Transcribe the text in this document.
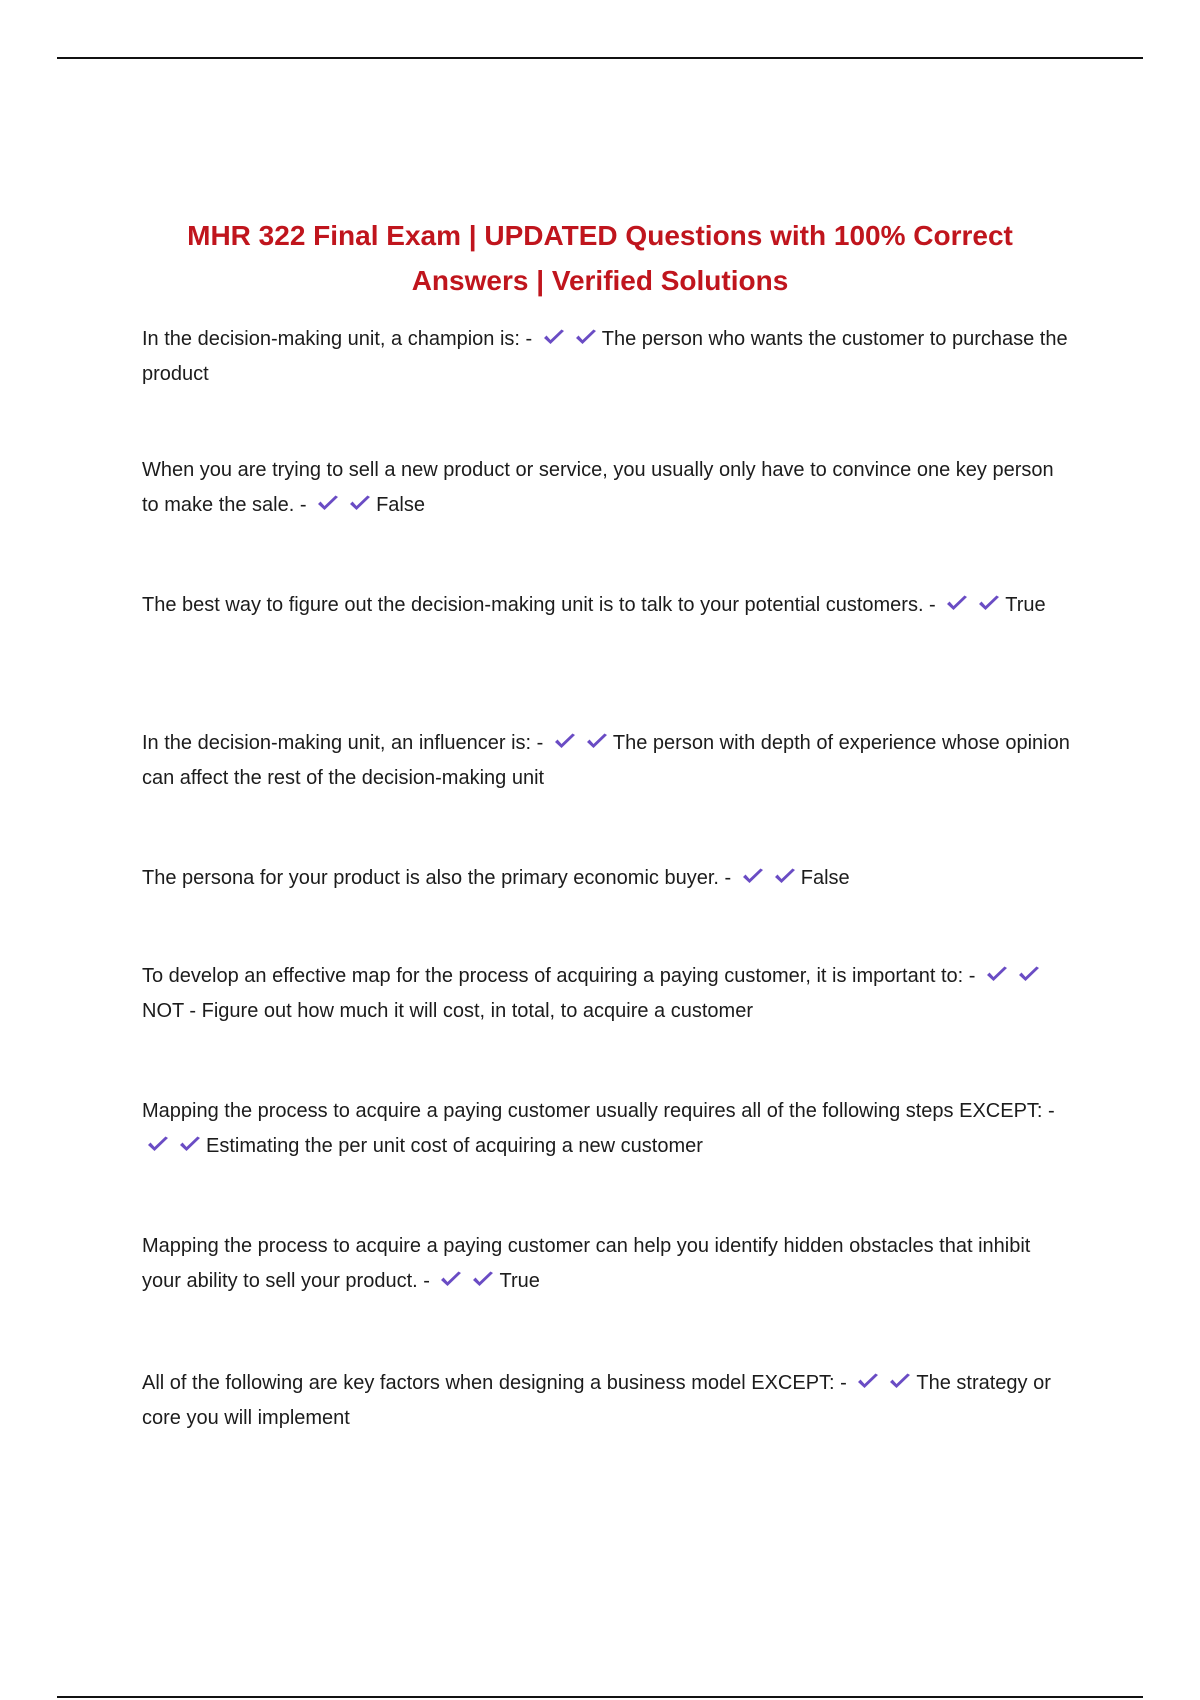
MHR 322 Final Exam | UPDATED Questions with 100% Correct
Answers | Verified Solutions

In the decision-making unit, a champion is: -	The person who wants the customer to purchase the product

When you are trying to sell a new product or service, you usually only have to convince one key person to make the sale. -	False

The best way to figure out the decision-making unit is to talk to your potential customers. -	True

In the decision-making unit, an influencer is: -	The person with depth of experience whose opinion can affect the rest of the decision-making unit

The persona for your product is also the primary economic buyer. -	False

To develop an effective map for the process of acquiring a paying customer, it is important to: -
NOT - Figure out how much it will cost, in total, to acquire a customer

Mapping the process to acquire a paying customer usually requires all of the following steps EXCEPT: -
Estimating the per unit cost of acquiring a new customer

Mapping the process to acquire a paying customer can help you identify hidden obstacles that inhibit your ability to sell your product. -	True

All of the following are key factors when designing a business model EXCEPT: -	The strategy or core you will implement
